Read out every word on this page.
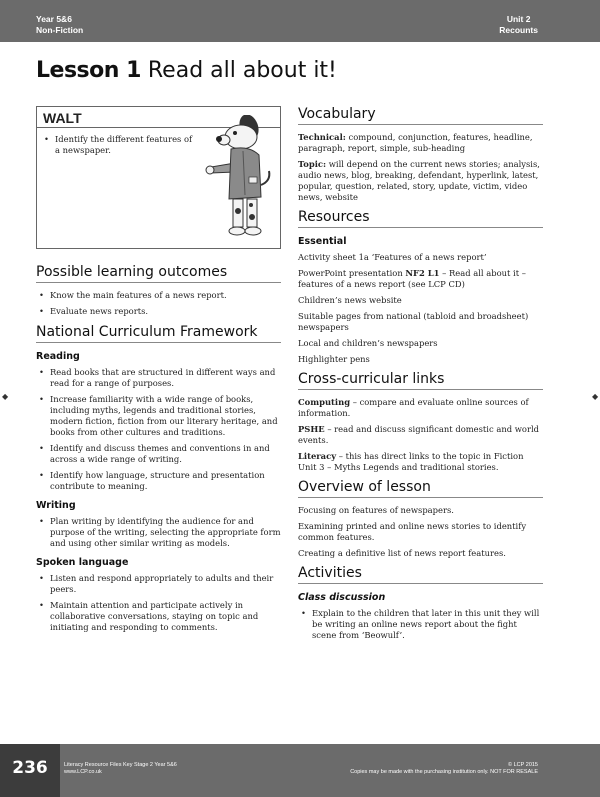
Year 5&6
Non-Fiction
Unit 2
Recounts
Lesson 1 Read all about it!
WALT
• Identify the different features of a newspaper.
Possible learning outcomes
• Know the main features of a news report.
• Evaluate news reports.
National Curriculum Framework
Reading
• Read books that are structured in different ways and read for a range of purposes.
• Increase familiarity with a wide range of books, including myths, legends and traditional stories, modern fiction, fiction from our literary heritage, and books from other cultures and traditions.
• Identify and discuss themes and conventions in and across a wide range of writing.
• Identify how language, structure and presentation contribute to meaning.
Writing
• Plan writing by identifying the audience for and purpose of the writing, selecting the appropriate form and using other similar writing as models.
Spoken language
• Listen and respond appropriately to adults and their peers.
• Maintain attention and participate actively in collaborative conversations, staying on topic and initiating and responding to comments.
Vocabulary

Technical: compound, conjunction, features, headline, paragraph, report, simple, sub-heading

Topic: will depend on the current news stories; analysis, audio news, blog, breaking, defendant, hyperlink, latest, popular, question, related, story, update, victim, video news, website

Resources
Essential

Activity sheet 1a ‘Features of a news report’

PowerPoint presentation NF2 L1 – Read all about it – features of a news report (see LCP CD)

Children’s news website

Suitable pages from national (tabloid and broadsheet) newspapers

Local and children’s newspapers

Highlighter pens

Cross-curricular links

Computing – compare and evaluate online sources of information.

PSHE – read and discuss significant domestic and world events.

Literacy – this has direct links to the topic in Fiction Unit 3 – Myths Legends and traditional stories.

Overview of lesson

Focusing on features of newspapers.

Examining printed and online news stories to identify common features.

Creating a definitive list of news report features.

Activities
Class discussion
• Explain to the children that later in this unit they will be writing an online news report about the fight scene from ‘Beowulf’.
◆	◆
236	Literacy Resource Files Key Stage 2 Year 5&6
www.LCP.co.uk
© LCP 2015
Copies may be made with the purchasing institution only. NOT FOR RESALE
